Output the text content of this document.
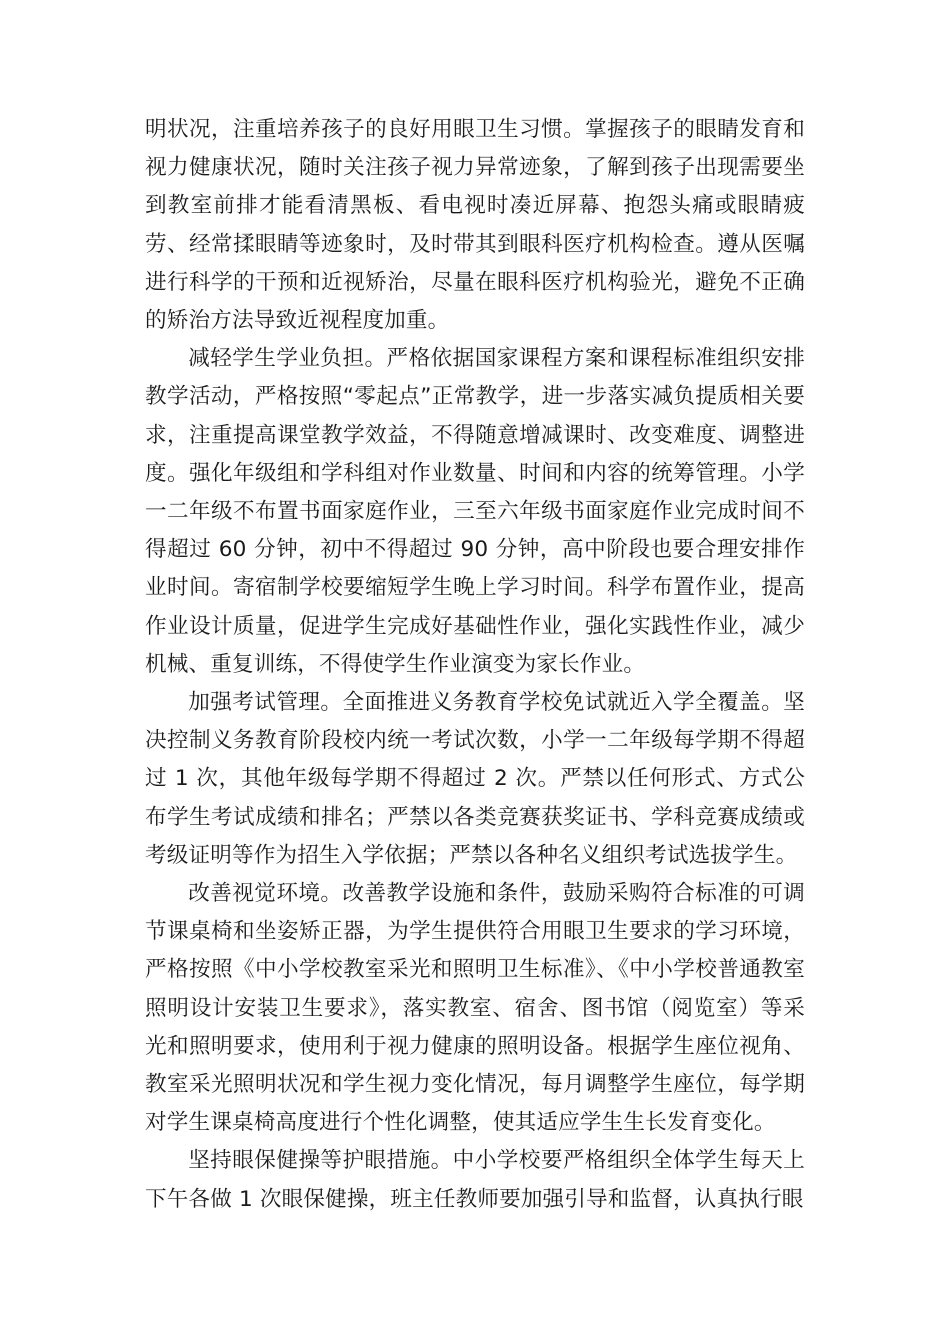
明状况，注重培养孩子的良好用眼卫生习惯。掌握孩子的眼睛发育和视力健康状况，随时关注孩子视力异常迹象，了解到孩子出现需要坐到教室前排才能看清黑板、看电视时凑近屏幕、抱怨头痛或眼睛疲劳、经常揉眼睛等迹象时，及时带其到眼科医疗机构检查。遵从医嘱进行科学的干预和近视矫治，尽量在眼科医疗机构验光，避免不正确的矫治方法导致近视程度加重。

减轻学生学业负担。严格依据国家课程方案和课程标准组织安排教学活动，严格按照“零起点”正常教学，进一步落实减负提质相关要求，注重提高课堂教学效益，不得随意增减课时、改变难度、调整进度。强化年级组和学科组对作业数量、时间和内容的统筹管理。小学一二年级不布置书面家庭作业，三至六年级书面家庭作业完成时间不得超过 60 分钟，初中不得超过 90 分钟，高中阶段也要合理安排作业时间。寄宿制学校要缩短学生晚上学习时间。科学布置作业，提高作业设计质量，促进学生完成好基础性作业，强化实践性作业，减少机械、重复训练，不得使学生作业演变为家长作业。

加强考试管理。全面推进义务教育学校免试就近入学全覆盖。坚决控制义务教育阶段校内统一考试次数，小学一二年级每学期不得超过 1 次，其他年级每学期不得超过 2 次。严禁以任何形式、方式公布学生考试成绩和排名；严禁以各类竞赛获奖证书、学科竞赛成绩或考级证明等作为招生入学依据；严禁以各种名义组织考试选拔学生。

改善视觉环境。改善教学设施和条件，鼓励采购符合标准的可调节课桌椅和坐姿矫正器，为学生提供符合用眼卫生要求的学习环境，严格按照《中小学校教室采光和照明卫生标准》、《中小学校普通教室照明设计安装卫生要求》，落实教室、宿舍、图书馆（阅览室）等采光和照明要求，使用利于视力健康的照明设备。根据学生座位视角、教室采光照明状况和学生视力变化情况，每月调整学生座位，每学期对学生课桌椅高度进行个性化调整，使其适应学生生长发育变化。

坚持眼保健操等护眼措施。中小学校要严格组织全体学生每天上下午各做 1 次眼保健操，班主任教师要加强引导和监督，认真执行眼
